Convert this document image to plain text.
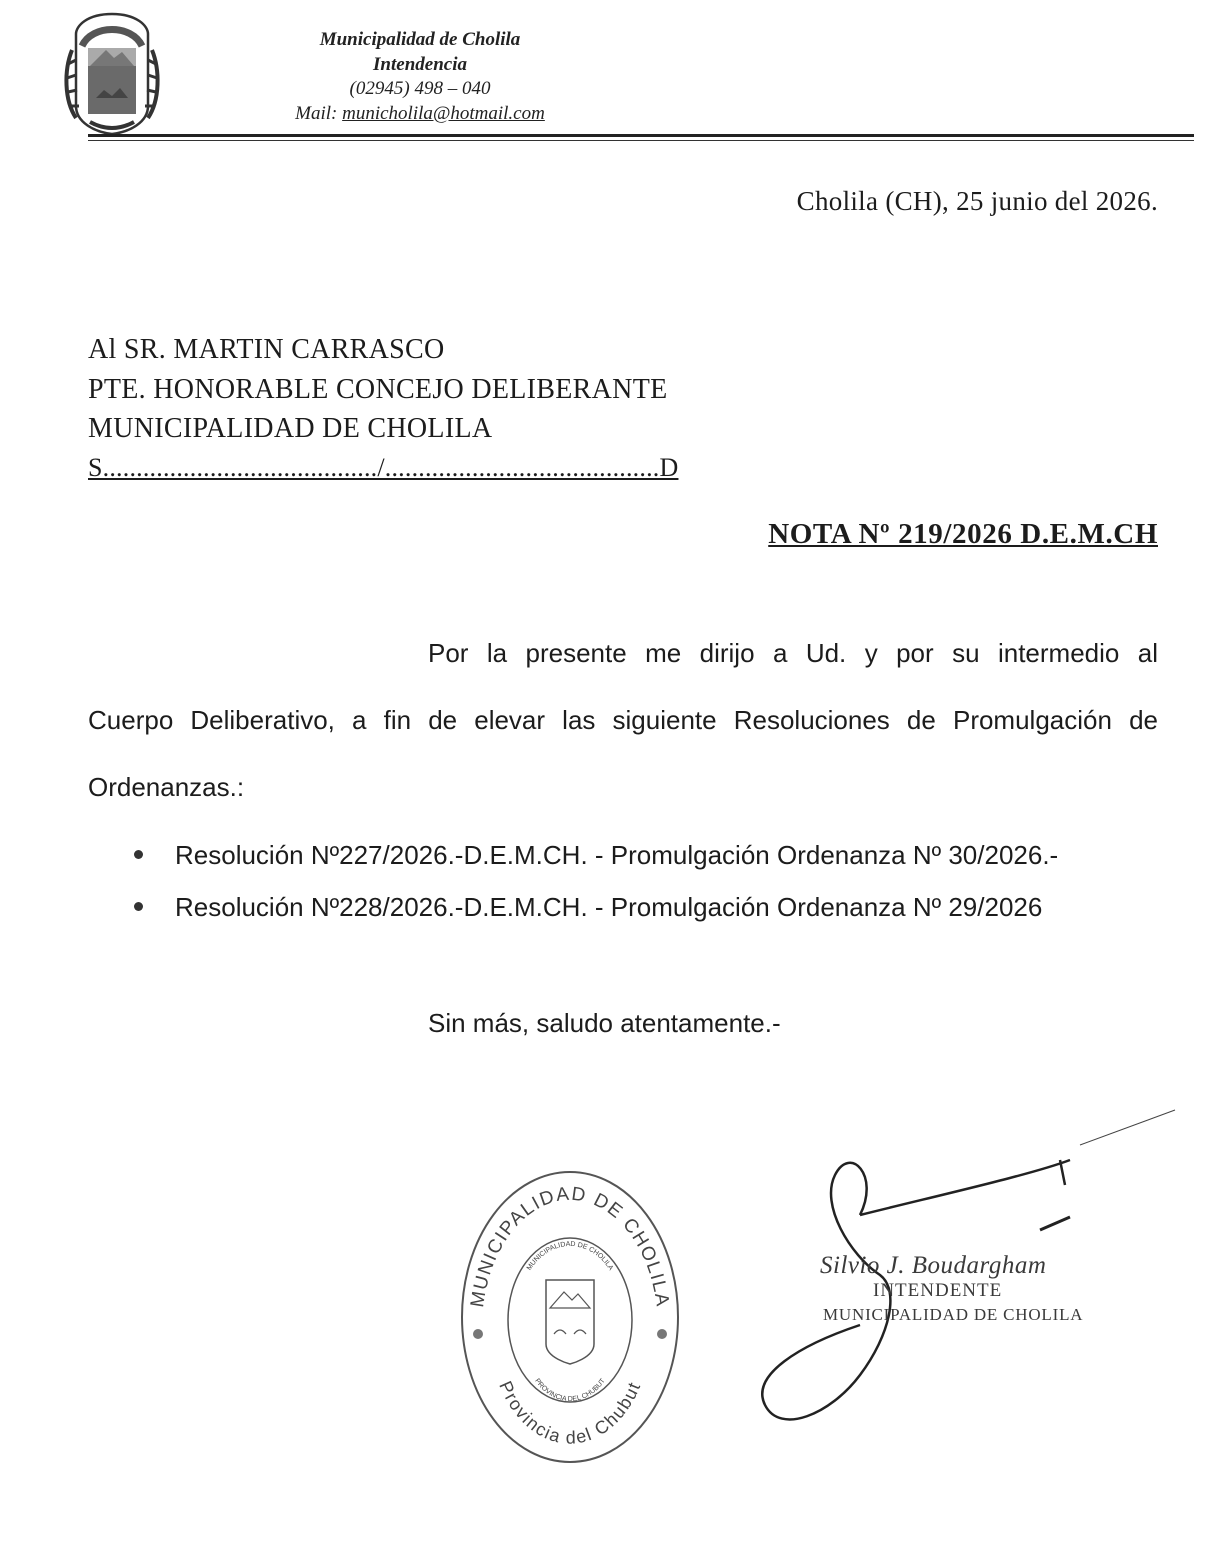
Municipalidad de Cholila
Intendencia
(02945) 498 – 040
Mail: municholila@hotmail.com
Cholila (CH), 25 junio del 2026.
Al SR. MARTIN CARRASCO
PTE. HONORABLE CONCEJO DELIBERANTE
MUNICIPALIDAD DE CHOLILA
S........................................./.........................................D
NOTA Nº 219/2026 D.E.M.CH
Por la presente me dirijo a Ud. y por su intermedio al
Cuerpo Deliberativo, a fin de elevar las siguiente Resoluciones de Promulgación de
Ordenanzas.:
Resolución Nº227/2026.-D.E.M.CH. - Promulgación Ordenanza Nº 30/2026.-
Resolución Nº228/2026.-D.E.M.CH. - Promulgación Ordenanza Nº 29/2026
Sin más, saludo atentamente.-
MUNICIPALIDAD DE CHOLILA
Provincia del Chubut
MUNICIPALIDAD DE CHOLILA
PROVINCIA DEL CHUBUT
Silvio J. Boudargham
INTENDENTE
MUNICIPALIDAD DE CHOLILA
